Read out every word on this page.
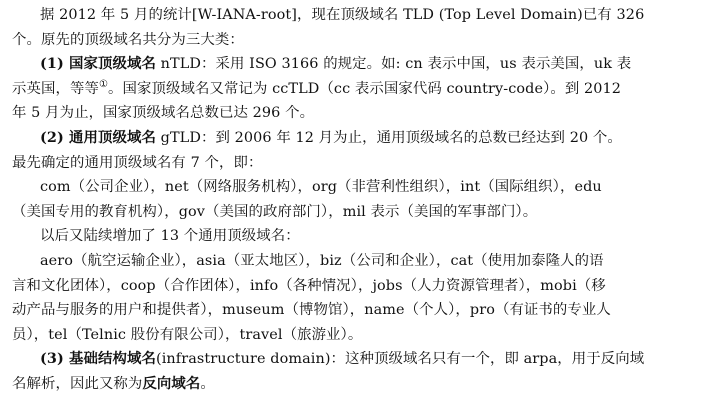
据 2012 年 5 月的统计[W-IANA-root]，现在顶级域名 TLD (Top Level Domain)已有 326
个。原先的顶级域名共分为三大类：
(1) 国家顶级域名 nTLD：采用 ISO 3166 的规定。如: cn 表示中国，us 表示美国，uk 表
示英国，等等①。国家顶级域名又常记为 ccTLD（cc 表示国家代码 country-code）。到 2012
年 5 月为止，国家顶级域名总数已达 296 个。
(2) 通用顶级域名 gTLD：到 2006 年 12 月为止，通用顶级域名的总数已经达到 20 个。
最先确定的通用顶级域名有 7 个，即：
com（公司企业），net（网络服务机构），org（非营利性组织），int（国际组织），edu
（美国专用的教育机构），gov（美国的政府部门），mil 表示（美国的军事部门）。
以后又陆续增加了 13 个通用顶级域名：
aero（航空运输企业），asia（亚太地区），biz（公司和企业），cat（使用加泰隆人的语
言和文化团体），coop（合作团体），info（各种情况），jobs（人力资源管理者），mobi（移
动产品与服务的用户和提供者），museum（博物馆），name（个人），pro（有证书的专业人
员），tel（Telnic 股份有限公司），travel（旅游业）。
(3) 基础结构域名(infrastructure domain)：这种顶级域名只有一个，即 arpa，用于反向域
名解析，因此又称为反向域名。
